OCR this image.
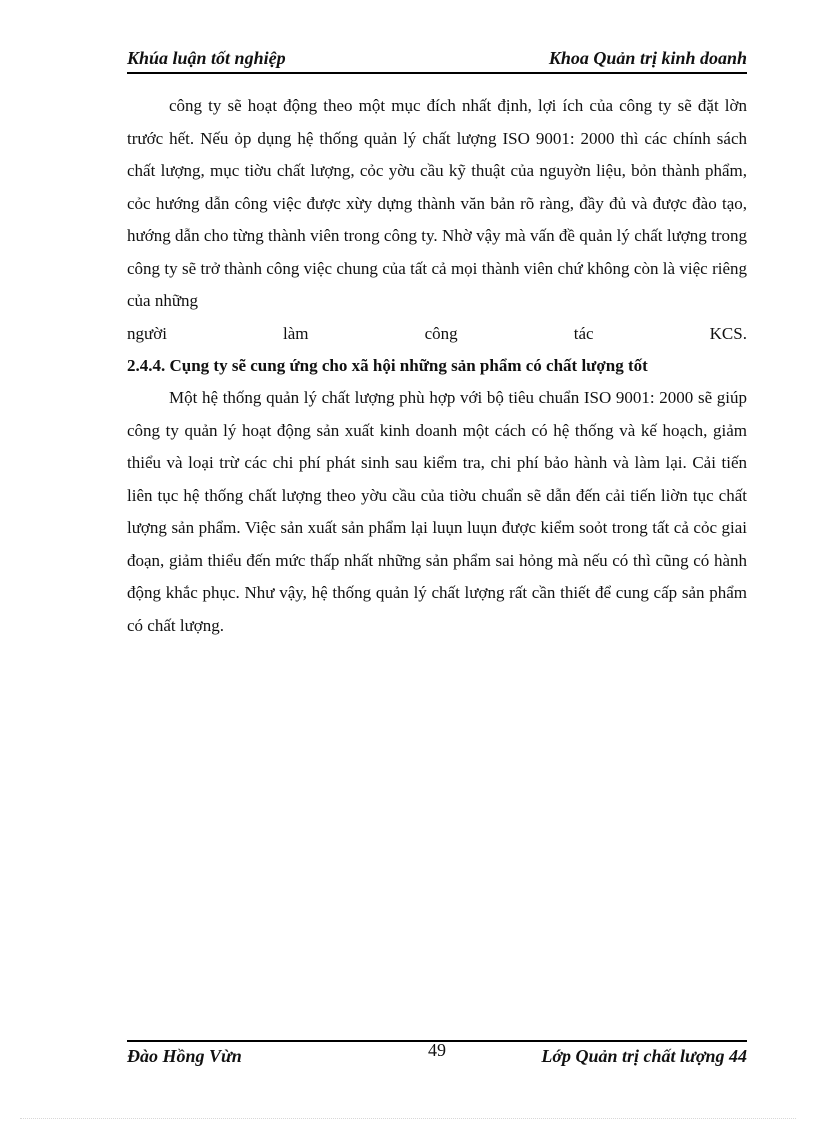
Khúa luận tốt nghiệp	Khoa Quản trị kinh doanh

công ty sẽ hoạt động theo một mục đích nhất định, lợi ích của công ty sẽ đặt lờn trước hết. Nếu ỏp dụng hệ thống quản lý chất lượng ISO 9001: 2000 thì các chính sách chất lượng, mục tiờu chất lượng, cỏc yờu cầu kỹ thuật của nguyờn liệu, bỏn thành phẩm, cỏc hướng dẫn công việc được xừy dựng thành văn bản rõ ràng, đầy đủ và được đào tạo, hướng dẫn cho từng thành viên trong công ty. Nhờ vậy mà vấn đề quản lý chất lượng trong công ty sẽ trở thành công việc chung của tất cả mọi thành viên chứ không còn là việc riêng của những

người	làm	công	tác	KCS.

2.4.4. Cụng ty sẽ cung ứng cho xã hội những sản phẩm có chất lượng tốt

Một hệ thống quản lý chất lượng phù hợp với bộ tiêu chuẩn ISO 9001: 2000 sẽ giúp công ty quản lý hoạt động sản xuất kinh doanh một cách có hệ thống và kế hoạch, giảm thiểu và loại trừ các chi phí phát sinh sau kiểm tra, chi phí bảo hành và làm lại. Cải tiến liên tục hệ thống chất lượng theo yờu cầu của tiờu chuẩn sẽ dẫn đến cải tiến liờn tục chất lượng sản phẩm. Việc sản xuất sản phẩm lại luụn luụn được kiểm soỏt trong tất cả cỏc giai đoạn, giảm thiểu đến mức thấp nhất những sản phẩm sai hỏng mà nếu có thì cũng có hành động khắc phục. Như vậy, hệ thống quản lý chất lượng rất cần thiết để cung cấp sản phẩm có chất lượng.

Đào Hồng Vừn	49	Lớp Quản trị chất lượng 44
